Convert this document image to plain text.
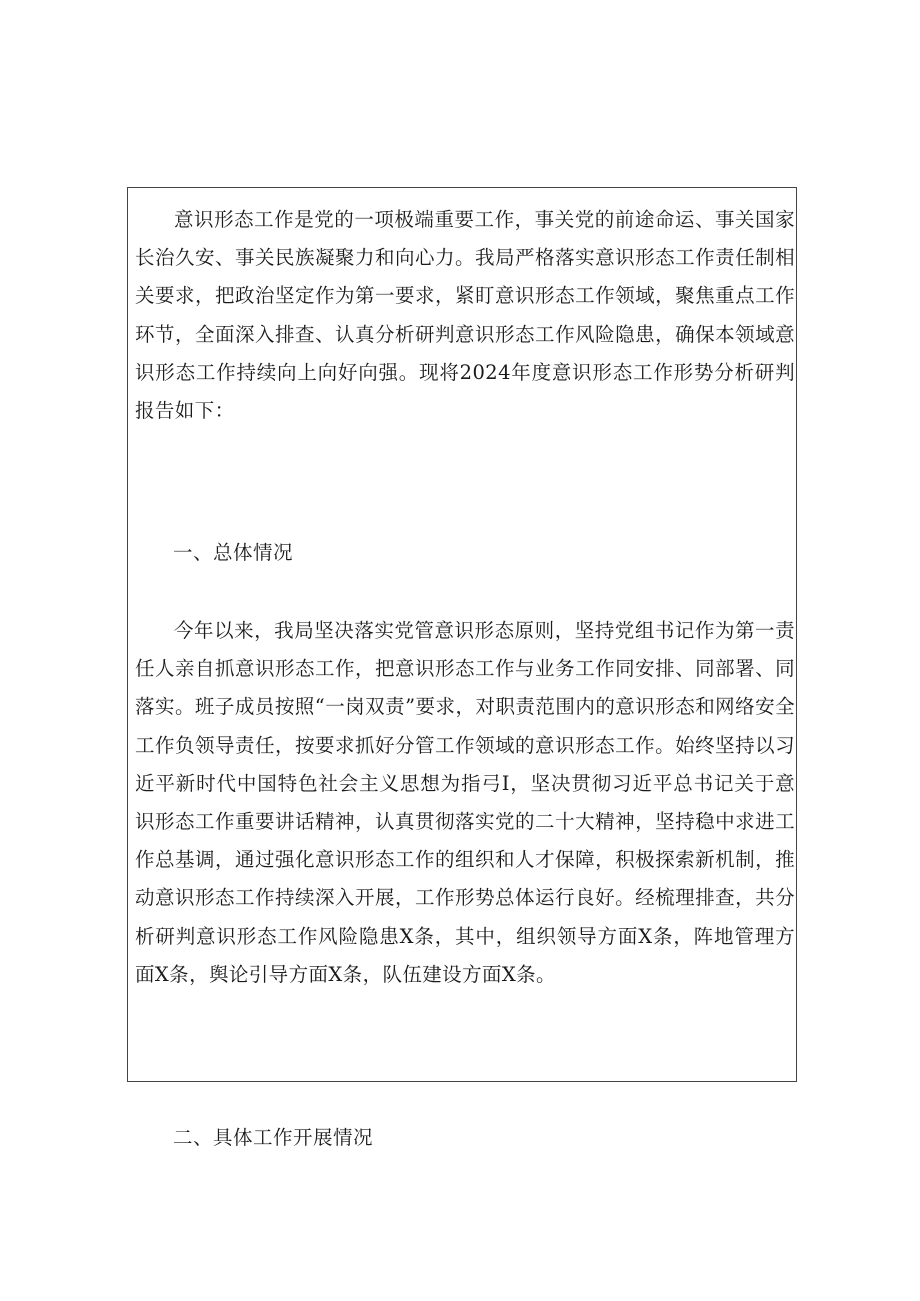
意识形态工作是党的一项极端重要工作，事关党的前途命运、事关国家长治久安、事关民族凝聚力和向心力。我局严格落实意识形态工作责任制相关要求，把政治坚定作为第一要求，紧盯意识形态工作领域，聚焦重点工作环节，全面深入排查、认真分析研判意识形态工作风险隐患，确保本领域意识形态工作持续向上向好向强。现将2024年度意识形态工作形势分析研判报告如下：

一、总体情况

今年以来，我局坚决落实党管意识形态原则，坚持党组书记作为第一责任人亲自抓意识形态工作，把意识形态工作与业务工作同安排、同部署、同落实。班子成员按照“一岗双责”要求，对职责范围内的意识形态和网络安全工作负领导责任，按要求抓好分管工作领域的意识形态工作。始终坚持以习近平新时代中国特色社会主义思想为指弓I，坚决贯彻习近平总书记关于意识形态工作重要讲话精神，认真贯彻落实党的二十大精神，坚持稳中求进工作总基调，通过强化意识形态工作的组织和人才保障，积极探索新机制，推动意识形态工作持续深入开展，工作形势总体运行良好。经梳理排查，共分析研判意识形态工作风险隐患X条，其中，组织领导方面X条，阵地管理方面X条，舆论引导方面X条，队伍建设方面X条。

二、具体工作开展情况
